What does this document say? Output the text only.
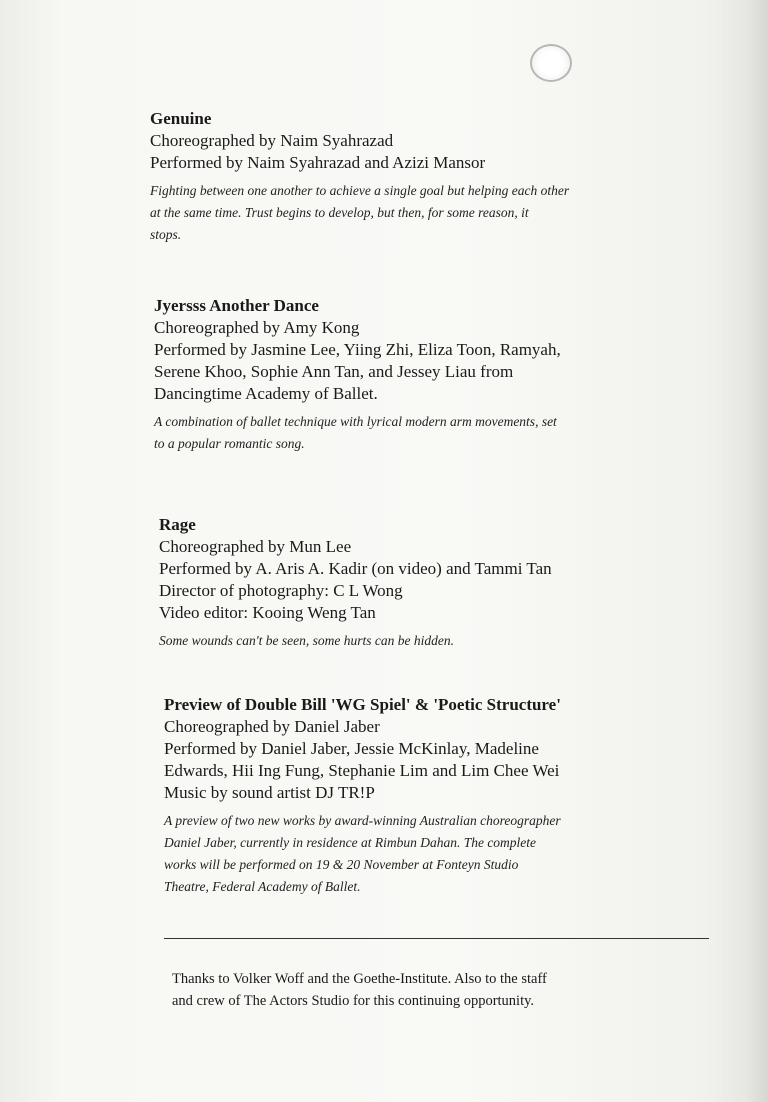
Genuine

Choreographed by Naim Syahrazad

Performed by Naim Syahrazad and Azizi Mansor

Fighting between one another to achieve a single goal but helping each other
at the same time. Trust begins to develop, but then, for some reason, it
stops.

Jyersss Another Dance

Choreographed by Amy Kong

Performed by Jasmine Lee, Yiing Zhi, Eliza Toon, Ramyah,

Serene Khoo, Sophie Ann Tan, and Jessey Liau from

Dancingtime Academy of Ballet.

A combination of ballet technique with lyrical modern arm movements, set
to a popular romantic song.

Rage

Choreographed by Mun Lee

Performed by A. Aris A. Kadir (on video) and Tammi Tan

Director of photography: C L Wong

Video editor: Kooing Weng Tan

Some wounds can't be seen, some hurts can be hidden.

Preview of Double Bill 'WG Spiel' & 'Poetic Structure'

Choreographed by Daniel Jaber

Performed by Daniel Jaber, Jessie McKinlay, Madeline

Edwards, Hii Ing Fung, Stephanie Lim and Lim Chee Wei

Music by sound artist DJ TR!P

A preview of two new works by award-winning Australian choreographer
Daniel Jaber, currently in residence at Rimbun Dahan. The complete
works will be performed on 19 & 20 November at Fonteyn Studio
Theatre, Federal Academy of Ballet.

Thanks to Volker Woff and the Goethe-Institute. Also to the staff
and crew of The Actors Studio for this continuing opportunity.
